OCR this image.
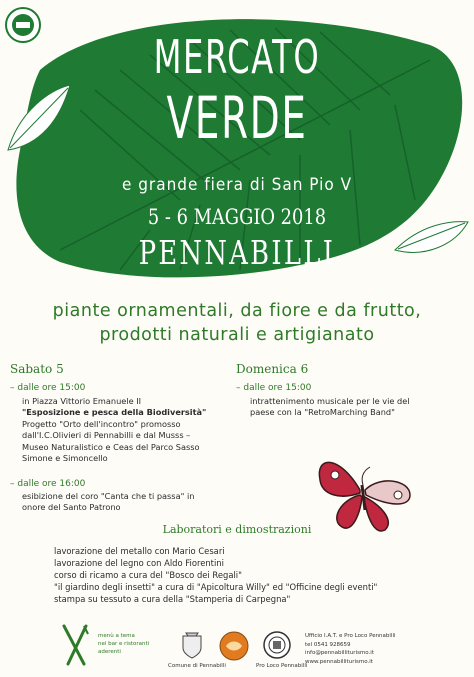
MERCATO
VERDE
e grande fiera di San Pio V
5 - 6 MAGGIO 2018
PENNABILLI
piante ornamentali, da fiore e da frutto,
prodotti naturali e artigianato
Sabato 5
– dalle ore 15:00
in Piazza Vittorio Emanuele II
"Esposizione e pesca della Biodiversità"
Progetto "Orto dell'incontro" promosso
dall'I.C.Olivieri di Pennabilli e dal Musss –
Museo Naturalistico e Ceas del Parco Sasso
Simone e Simoncello
– dalle ore 16:00
esibizione del coro "Canta che ti passa" in
onore del Santo Patrono
Domenica 6
– dalle ore 15:00
intrattenimento musicale per le vie del
paese con la "RetroMarching Band"
Laboratori e dimostrazioni
lavorazione del metallo con Mario Cesari
lavorazione del legno con Aldo Fiorentini
corso di ricamo a cura del "Bosco dei Regali"
"il giardino degli insetti" a cura di "Apicoltura Willy" ed "Officine degli eventi"
stampa su tessuto a cura della "Stamperia di Carpegna"
menù a tema
nei bar e ristoranti
aderenti
Comune di Pennabilli	Pro Loco Pennabilli
Ufficio I.A.T. e Pro Loco Pennabilli
tel 0541 928659
info@pennabilliturismo.it
www.pennabilliturismo.it
